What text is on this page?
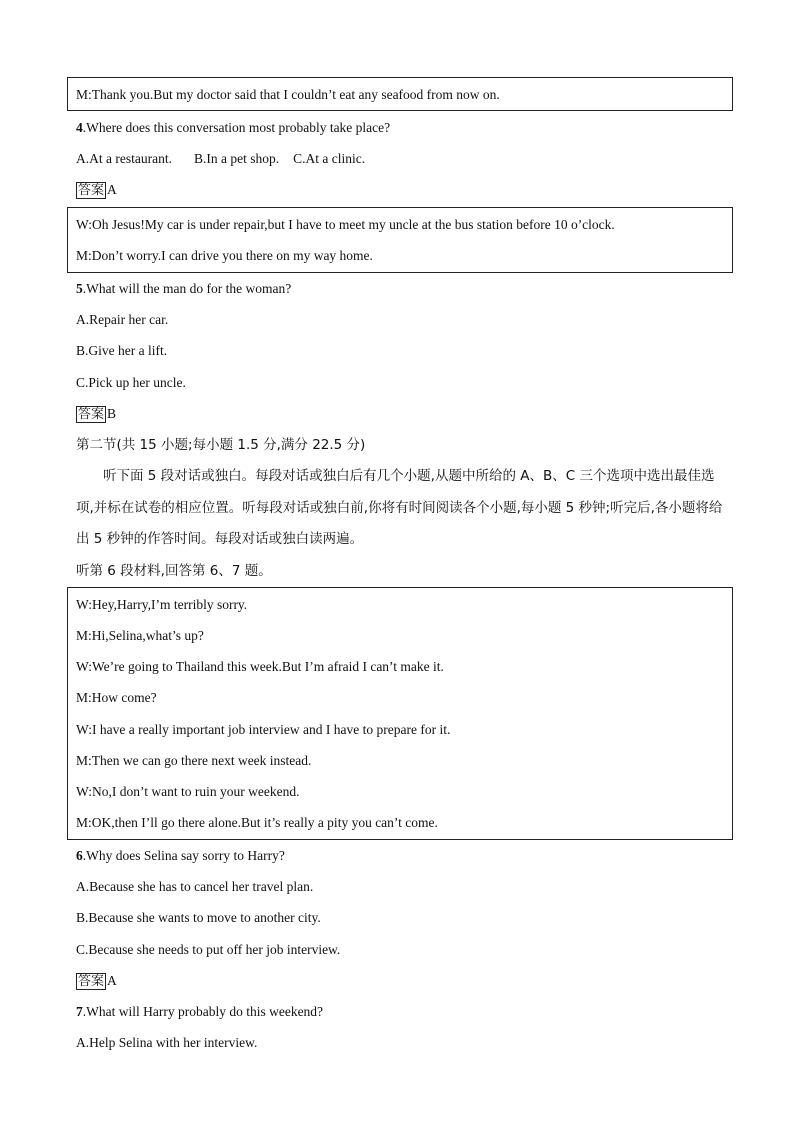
M:Thank you.But my doctor said that I couldn’t eat any seafood from now on.
4.Where does this conversation most probably take place?
A.At a restaurant. B.In a pet shop. C.At a clinic.
答案 A
W:Oh Jesus!My car is under repair,but I have to meet my uncle at the bus station before 10 o’clock.
M:Don’t worry.I can drive you there on my way home.
5.What will the man do for the woman?
A.Repair her car.
B.Give her a lift.
C.Pick up her uncle.
答案 B
第二节(共 15 小题;每小题 1.5 分,满分 22.5 分)
听下面 5 段对话或独白。每段对话或独白后有几个小题,从题中所给的 A、B、C 三个选项中选出最佳选项,并标在试卷的相应位置。听每段对话或独白前,你将有时间阅读各个小题,每小题 5 秒钟;听完后,各小题将给出 5 秒钟的作答时间。每段对话或独白读两遍。
听第 6 段材料,回答第 6、7 题。
W:Hey,Harry,I’m terribly sorry.
M:Hi,Selina,what’s up?
W:We’re going to Thailand this week.But I’m afraid I can’t make it.
M:How come?
W:I have a really important job interview and I have to prepare for it.
M:Then we can go there next week instead.
W:No,I don’t want to ruin your weekend.
M:OK,then I’ll go there alone.But it’s really a pity you can’t come.
6.Why does Selina say sorry to Harry?
A.Because she has to cancel her travel plan.
B.Because she wants to move to another city.
C.Because she needs to put off her job interview.
答案 A
7.What will Harry probably do this weekend?
A.Help Selina with her interview.
